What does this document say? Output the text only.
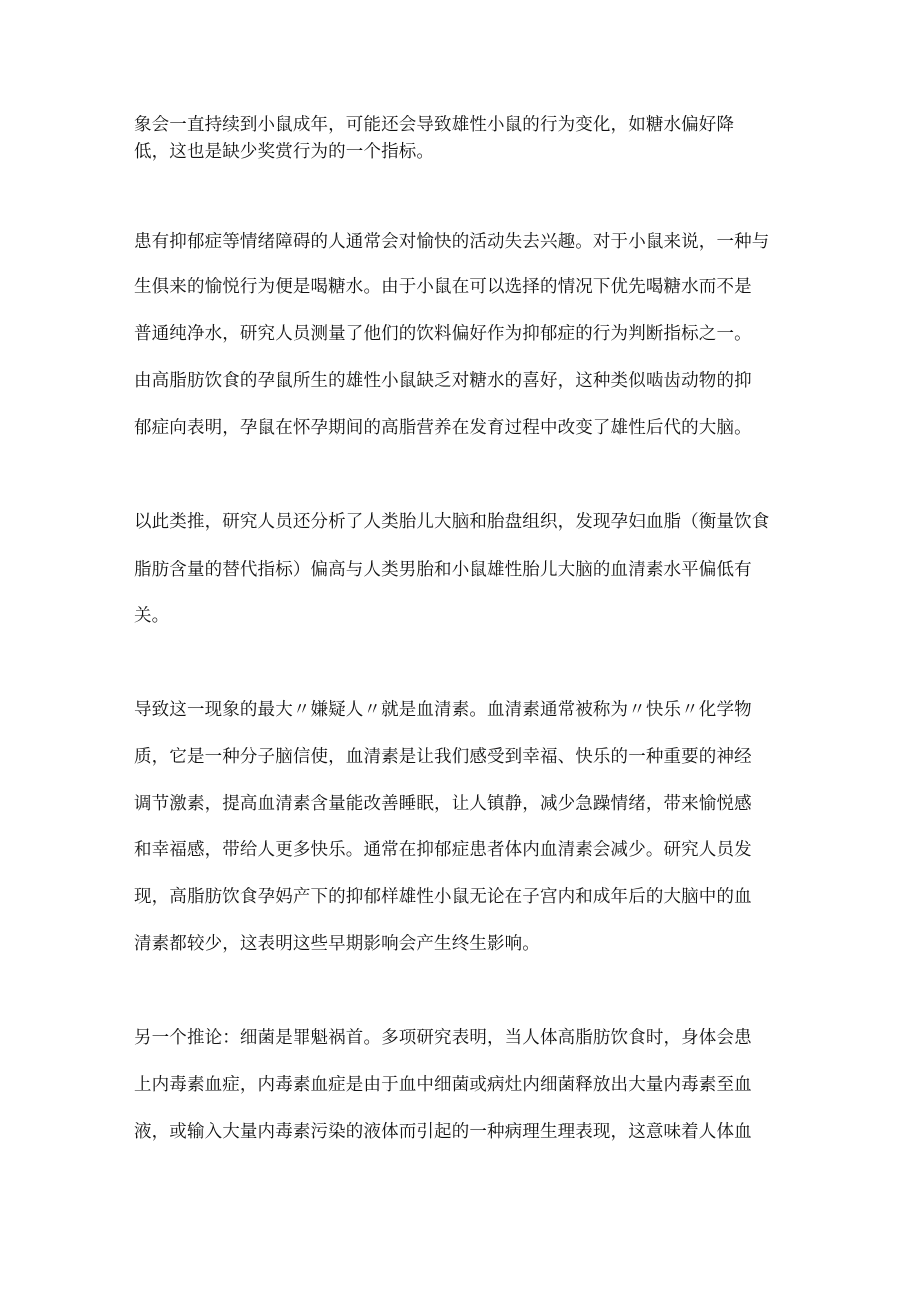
象会一直持续到小鼠成年，可能还会导致雄性小鼠的行为变化，如糖水偏好降
低，这也是缺少奖赏行为的一个指标。
患有抑郁症等情绪障碍的人通常会对愉快的活动失去兴趣。对于小鼠来说，一种与
生俱来的愉悦行为便是喝糖水。由于小鼠在可以选择的情况下优先喝糖水而不是
普通纯净水，研究人员测量了他们的饮料偏好作为抑郁症的行为判断指标之一。
由高脂肪饮食的孕鼠所生的雄性小鼠缺乏对糖水的喜好，这种类似啮齿动物的抑
郁症向表明，孕鼠在怀孕期间的高脂营养在发育过程中改变了雄性后代的大脑。
以此类推，研究人员还分析了人类胎儿大脑和胎盘组织，发现孕妇血脂（衡量饮食
脂肪含量的替代指标）偏高与人类男胎和小鼠雄性胎儿大脑的血清素水平偏低有
关。
导致这一现象的最大〃嫌疑人〃就是血清素。血清素通常被称为〃快乐〃化学物
质，它是一种分子脑信使，血清素是让我们感受到幸福、快乐的一种重要的神经
调节激素，提高血清素含量能改善睡眠，让人镇静，减少急躁情绪，带来愉悦感
和幸福感，带给人更多快乐。通常在抑郁症患者体内血清素会减少。研究人员发
现，高脂肪饮食孕妈产下的抑郁样雄性小鼠无论在子宫内和成年后的大脑中的血
清素都较少，这表明这些早期影响会产生终生影响。
另一个推论：细菌是罪魁祸首。多项研究表明，当人体高脂肪饮食时，身体会患
上内毒素血症，内毒素血症是由于血中细菌或病灶内细菌释放出大量内毒素至血
液，或输入大量内毒素污染的液体而引起的一种病理生理表现，这意味着人体血
